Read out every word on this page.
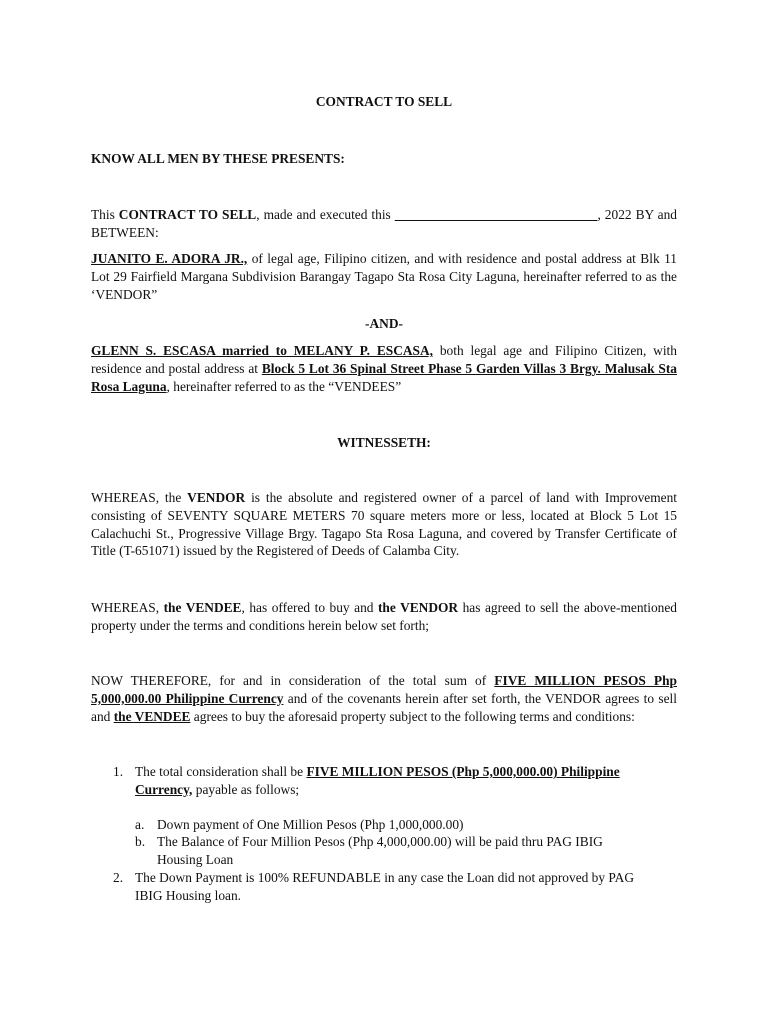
CONTRACT TO SELL

KNOW ALL MEN BY THESE PRESENTS:

This CONTRACT TO SELL, made and executed this	, 2022 BY and BETWEEN:

JUANITO E. ADORA JR., of legal age, Filipino citizen, and with residence and postal address at Blk 11 Lot 29 Fairfield Margana Subdivision Barangay Tagapo Sta Rosa City Laguna, hereinafter referred to as the ‘VENDOR”

-AND-

GLENN S. ESCASA married to MELANY P. ESCASA, both legal age and Filipino Citizen, with residence and postal address at Block 5 Lot 36 Spinal Street Phase 5 Garden Villas 3 Brgy. Malusak Sta Rosa Laguna, hereinafter referred to as the “VENDEES”

WITNESSETH:

WHEREAS, the VENDOR is the absolute and registered owner of a parcel of land with Improvement consisting of SEVENTY SQUARE METERS 70 square meters more or less, located at Block 5 Lot 15 Calachuchi St., Progressive Village Brgy. Tagapo Sta Rosa Laguna, and covered by Transfer Certificate of Title (T-651071) issued by the Registered of Deeds of Calamba City.

WHEREAS, the VENDEE, has offered to buy and the VENDOR has agreed to sell the above-mentioned property under the terms and conditions herein below set forth;

NOW THEREFORE, for and in consideration of the total sum of FIVE MILLION PESOS Php 5,000,000.00 Philippine Currency and of the covenants herein after set forth, the VENDOR agrees to sell and the VENDEE agrees to buy the aforesaid property subject to the following terms and conditions:

1. The total consideration shall be FIVE MILLION PESOS (Php 5,000,000.00) Philippine Currency, payable as follows;
a. Down payment of One Million Pesos (Php 1,000,000.00)
b. The Balance of Four Million Pesos (Php 4,000,000.00) will be paid thru PAG IBIG Housing Loan
2. The Down Payment is 100% REFUNDABLE in any case the Loan did not approved by PAG IBIG Housing loan.
